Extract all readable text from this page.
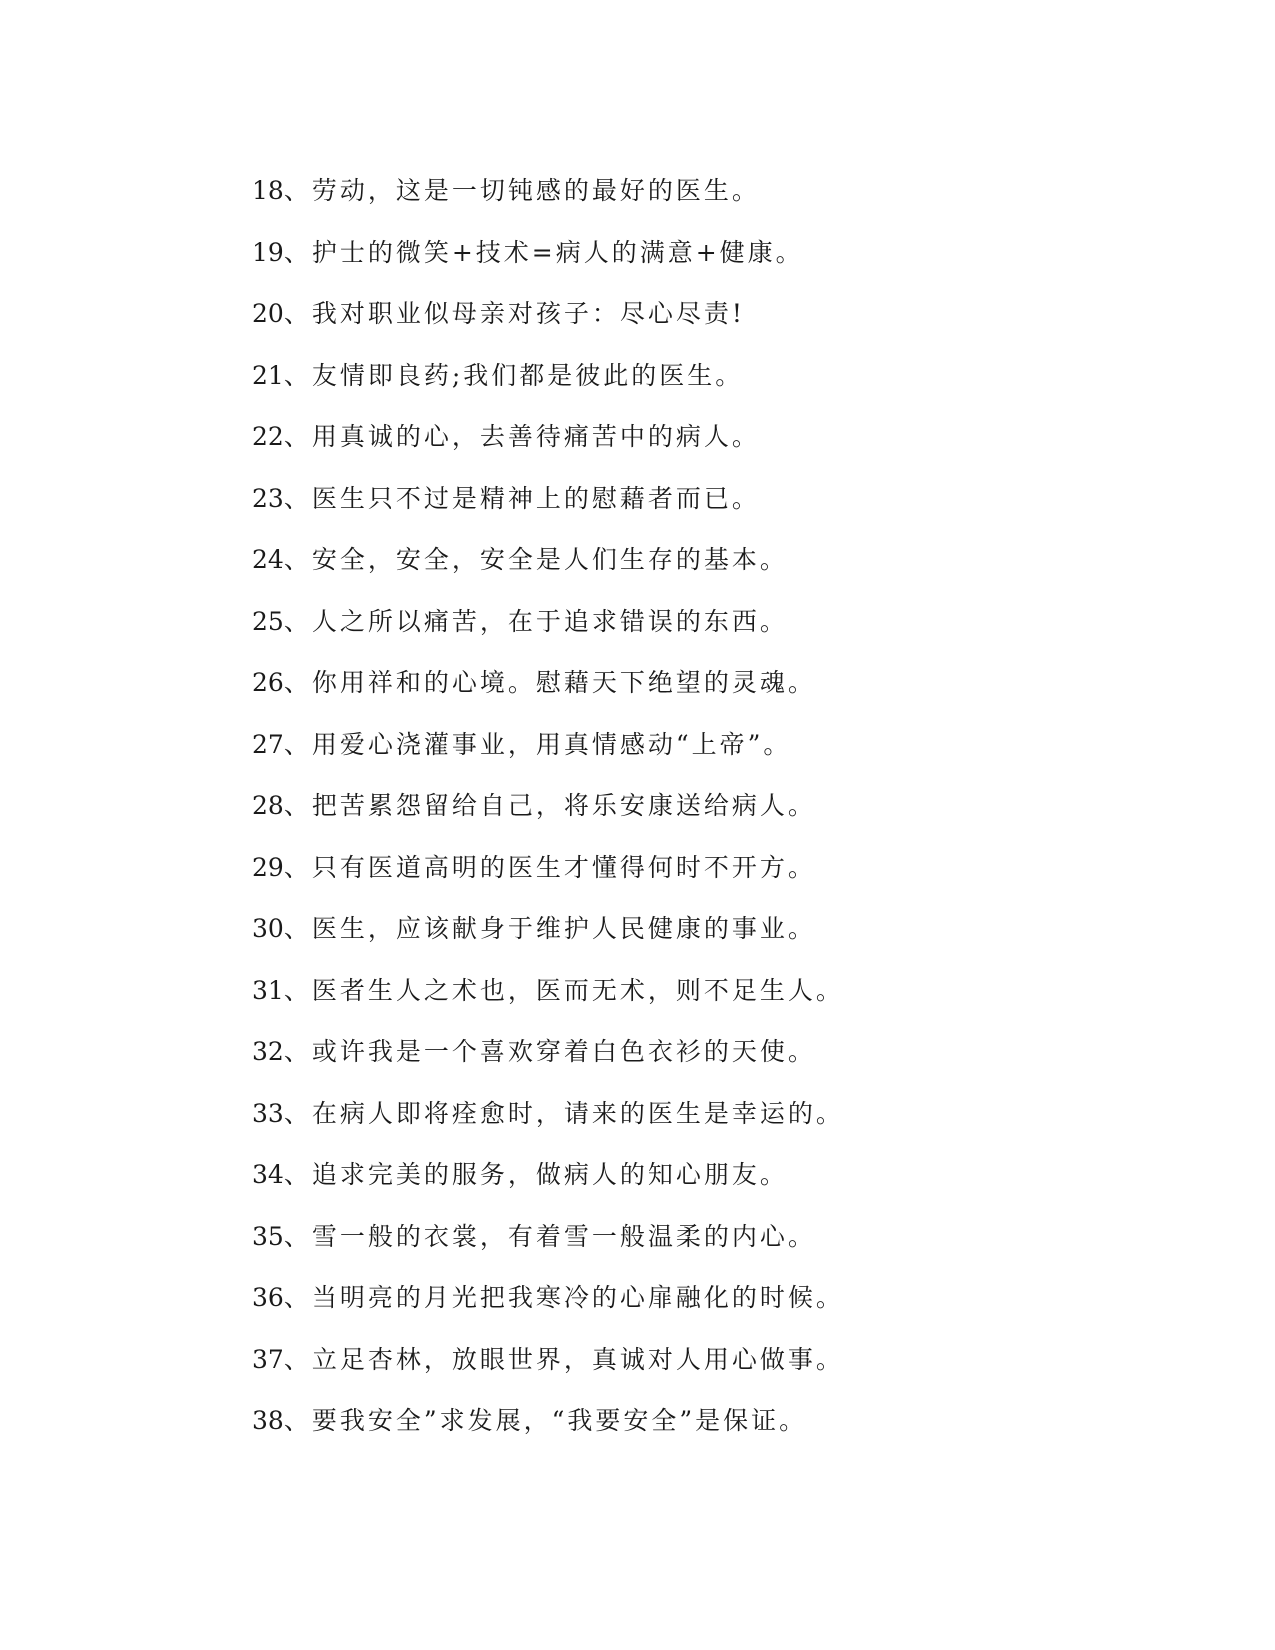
18、劳动，这是一切钝感的最好的医生。
19、护士的微笑+技术=病人的满意+健康。
20、我对职业似母亲对孩子：尽心尽责!
21、友情即良药;我们都是彼此的医生。
22、用真诚的心，去善待痛苦中的病人。
23、医生只不过是精神上的慰藉者而已。
24、安全，安全，安全是人们生存的基本。
25、人之所以痛苦，在于追求错误的东西。
26、你用祥和的心境。慰藉天下绝望的灵魂。
27、用爱心浇灌事业，用真情感动“上帝”。
28、把苦累怨留给自己，将乐安康送给病人。
29、只有医道高明的医生才懂得何时不开方。
30、医生，应该献身于维护人民健康的事业。
31、医者生人之术也，医而无术，则不足生人。
32、或许我是一个喜欢穿着白色衣衫的天使。
33、在病人即将痊愈时，请来的医生是幸运的。
34、追求完美的服务，做病人的知心朋友。
35、雪一般的衣裳，有着雪一般温柔的内心。
36、当明亮的月光把我寒冷的心扉融化的时候。
37、立足杏林，放眼世界，真诚对人用心做事。
38、要我安全”求发展，“我要安全”是保证。
